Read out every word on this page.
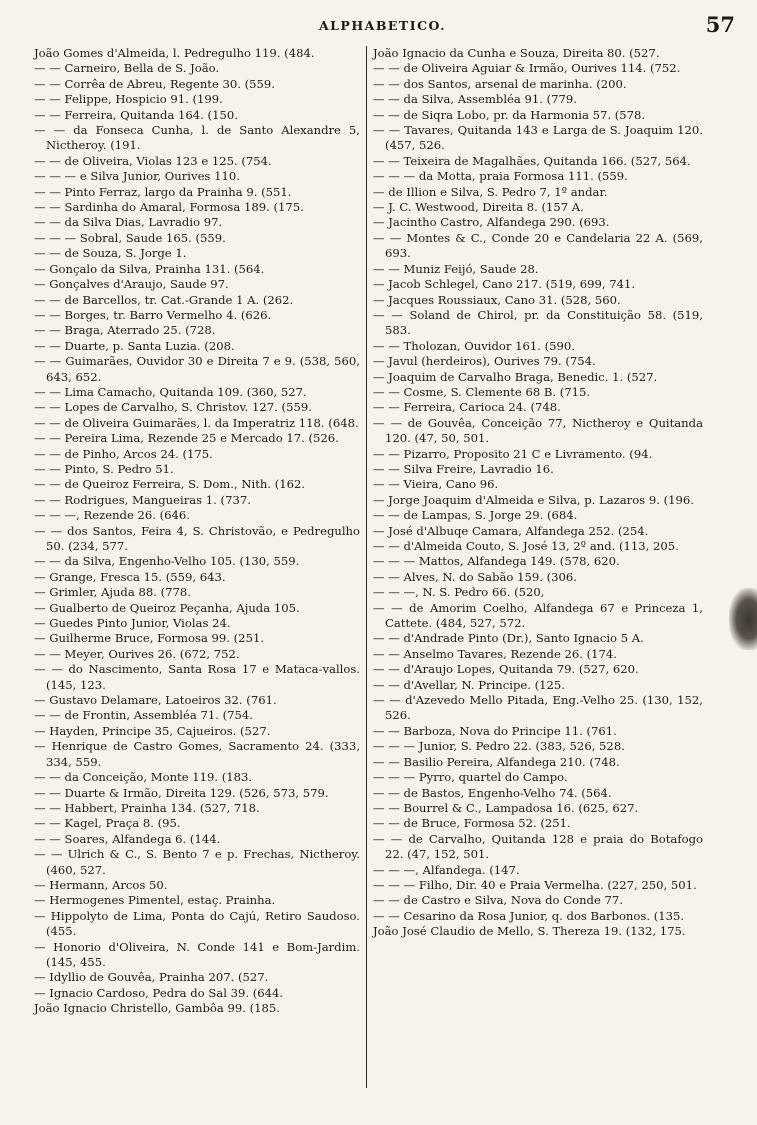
ALPHABETICO.	57
João Gomes d'Almeida, l. Pedregulho 119. (484.
— — Carneiro, Bella de S. João.
— — Corrêa de Abreu, Regente 30. (559.
— — Felippe, Hospicio 91. (199.
— — Ferreira, Quitanda 164. (150.
— — da Fonseca Cunha, l. de Santo Alexandre 5, Nictheroy. (191.
— — de Oliveira, Violas 123 e 125. (754.
— — — e Silva Junior, Ourives 110.
— — Pinto Ferraz, largo da Prainha 9. (551.
— — Sardinha do Amaral, Formosa 189. (175.
— — da Silva Dias, Lavradio 97.
— — — Sobral, Saude 165. (559.
— — de Souza, S. Jorge 1.
— Gonçalo da Silva, Prainha 131. (564.
— Gonçalves d'Araujo, Saude 97.
— — de Barcellos, tr. Cat.-Grande 1 A. (262.
— — Borges, tr. Barro Vermelho 4. (626.
— — Braga, Aterrado 25. (728.
— — Duarte, p. Santa Luzia. (208.
— — Guimarães, Ouvidor 30 e Direita 7 e 9. (538, 560, 643, 652.
— — Lima Camacho, Quitanda 109. (360, 527.
— — Lopes de Carvalho, S. Christov. 127. (559.
— — de Oliveira Guimarães, l. da Imperatriz 118. (648.
— — Pereira Lima, Rezende 25 e Mercado 17. (526.
— — de Pinho, Arcos 24. (175.
— — Pinto, S. Pedro 51.
— — de Queiroz Ferreira, S. Dom., Nith. (162.
— — Rodrigues, Mangueiras 1. (737.
— — —, Rezende 26. (646.
— — dos Santos, Feira 4, S. Christovão, e Pedregulho 50. (234, 577.
— — da Silva, Engenho-Velho 105. (130, 559.
— Grange, Fresca 15. (559, 643.
— Grimler, Ajuda 88. (778.
— Gualberto de Queiroz Peçanha, Ajuda 105.
— Guedes Pinto Junior, Violas 24.
— Guilherme Bruce, Formosa 99. (251.
— — Meyer, Ourives 26. (672, 752.
— — do Nascimento, Santa Rosa 17 e Mataca-vallos. (145, 123.
— Gustavo Delamare, Latoeiros 32. (761.
— — de Frontin, Assembléa 71. (754.
— Hayden, Principe 35, Cajueiros. (527.
— Henrique de Castro Gomes, Sacramento 24. (333, 334, 559.
— — da Conceição, Monte 119. (183.
— — Duarte & Irmão, Direita 129. (526, 573, 579.
— — Habbert, Prainha 134. (527, 718.
— — Kagel, Praça 8. (95.
— — Soares, Alfandega 6. (144.
— — Ulrich & C., S. Bento 7 e p. Frechas, Nictheroy. (460, 527.
— Hermann, Arcos 50.
— Hermogenes Pimentel, estaç. Prainha.
— Hippolyto de Lima, Ponta do Cajú, Retiro Saudoso. (455.
— Honorio d'Oliveira, N. Conde 141 e Bom-Jardim. (145, 455.
— Idyllio de Gouvêa, Prainha 207. (527.
— Ignacio Cardoso, Pedra do Sal 39. (644.
João Ignacio Christello, Gambôa 99. (185.
João Ignacio da Cunha e Souza, Direita 80. (527.
— — de Oliveira Aguiar & Irmão, Ourives 114. (752.
— — dos Santos, arsenal de marinha. (200.
— — da Silva, Assembléa 91. (779.
— — de Siqra Lobo, pr. da Harmonia 57. (578.
— — Tavares, Quitanda 143 e Larga de S. Joaquim 120. (457, 526.
— — Teixeira de Magalhães, Quitanda 166. (527, 564.
— — — da Motta, praia Formosa 111. (559.
— de Illion e Silva, S. Pedro 7, 1º andar.
— J. C. Westwood, Direita 8. (157 A.
— Jacintho Castro, Alfandega 290. (693.
— — Montes & C., Conde 20 e Candelaria 22 A. (569, 693.
— — Muniz Feijó, Saude 28.
— Jacob Schlegel, Cano 217. (519, 699, 741.
— Jacques Roussiaux, Cano 31. (528, 560.
— — Soland de Chirol, pr. da Constituição 58. (519, 583.
— — Tholozan, Ouvidor 161. (590.
— Javul (herdeiros), Ourives 79. (754.
— Joaquim de Carvalho Braga, Benedic. 1. (527.
— — Cosme, S. Clemente 68 B. (715.
— — Ferreira, Carioca 24. (748.
— — de Gouvêa, Conceição 77, Nictheroy e Quitanda 120. (47, 50, 501.
— — Pizarro, Proposito 21 C e Livramento. (94.
— — Silva Freire, Lavradio 16.
— — Vieira, Cano 96.
— Jorge Joaquim d'Almeida e Silva, p. Lazaros 9. (196.
— — de Lampas, S. Jorge 29. (684.
— José d'Albuqe Camara, Alfandega 252. (254.
— — d'Almeida Couto, S. José 13, 2º and. (113, 205.
— — — Mattos, Alfandega 149. (578, 620.
— — Alves, N. do Sabão 159. (306.
— — —, N. S. Pedro 66. (520,
— — de Amorim Coelho, Alfandega 67 e Princeza 1, Cattete. (484, 527, 572.
— — d'Andrade Pinto (Dr.), Santo Ignacio 5 A.
— — Anselmo Tavares, Rezende 26. (174.
— — d'Araujo Lopes, Quitanda 79. (527, 620.
— — d'Avellar, N. Principe. (125.
— — d'Azevedo Mello Pitada, Eng.-Velho 25. (130, 152, 526.
— — Barboza, Nova do Principe 11. (761.
— — — Junior, S. Pedro 22. (383, 526, 528.
— — Basilio Pereira, Alfandega 210. (748.
— — — Pyrro, quartel do Campo.
— — de Bastos, Engenho-Velho 74. (564.
— — Bourrel & C., Lampadosa 16. (625, 627.
— — de Bruce, Formosa 52. (251.
— — de Carvalho, Quitanda 128 e praia do Botafogo 22. (47, 152, 501.
— — —, Alfandega. (147.
— — — Filho, Dir. 40 e Praia Vermelha. (227, 250, 501.
— — de Castro e Silva, Nova do Conde 77.
— — Cesarino da Rosa Junior, q. dos Barbonos. (135.
João José Claudio de Mello, S. Thereza 19. (132, 175.
